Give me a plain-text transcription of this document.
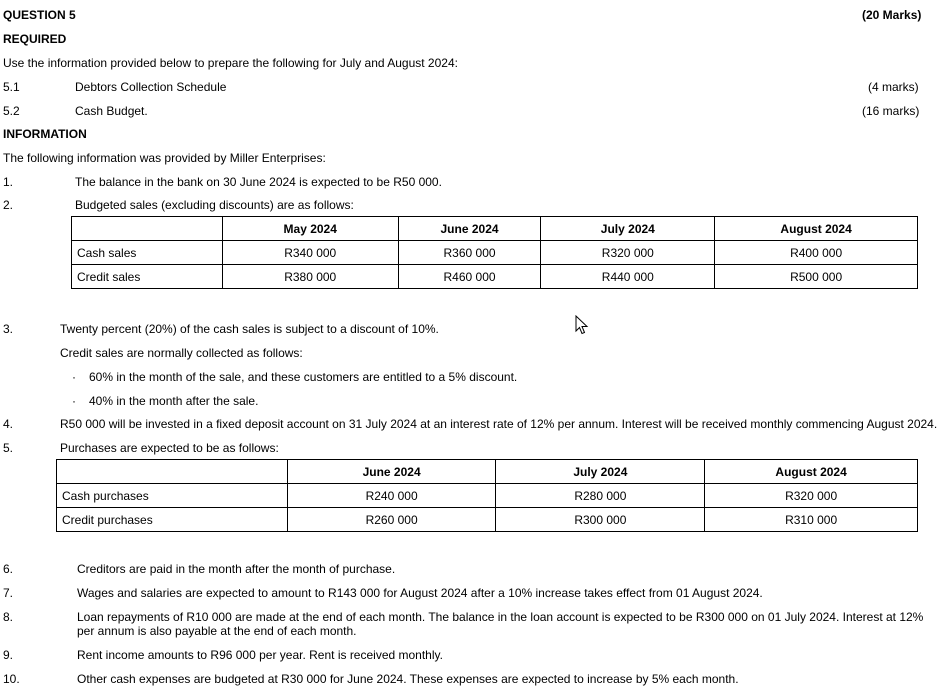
QUESTION 5	(20 Marks)
REQUIRED
Use the information provided below to prepare the following for July and August 2024:
5.1	Debtors Collection Schedule	(4 marks)
5.2	Cash Budget.	(16 marks)
INFORMATION
The following information was provided by Miller Enterprises:
1.	The balance in the bank on 30 June 2024 is expected to be R50 000.
2.	Budgeted sales (excluding discounts) are as follows:
	May 2024	June 2024	July 2024	August 2024
Cash sales	R340 000	R360 000	R320 000	R400 000
Credit sales	R380 000	R460 000	R440 000	R500 000
3.	Twenty percent (20%) of the cash sales is subject to a discount of 10%.
Credit sales are normally collected as follows:
· 60% in the month of the sale, and these customers are entitled to a 5% discount.
· 40% in the month after the sale.
4.	R50 000 will be invested in a fixed deposit account on 31 July 2024 at an interest rate of 12% per annum. Interest will be received monthly commencing August 2024.
5.	Purchases are expected to be as follows:
	June 2024	July 2024	August 2024
Cash purchases	R240 000	R280 000	R320 000
Credit purchases	R260 000	R300 000	R310 000
6.	Creditors are paid in the month after the month of purchase.
7.	Wages and salaries are expected to amount to R143 000 for August 2024 after a 10% increase takes effect from 01 August 2024.
8.	Loan repayments of R10 000 are made at the end of each month. The balance in the loan account is expected to be R300 000 on 01 July 2024. Interest at 12% per annum is also payable at the end of each month.
9.	Rent income amounts to R96 000 per year. Rent is received monthly.
10.	Other cash expenses are budgeted at R30 000 for June 2024. These expenses are expected to increase by 5% each month.
